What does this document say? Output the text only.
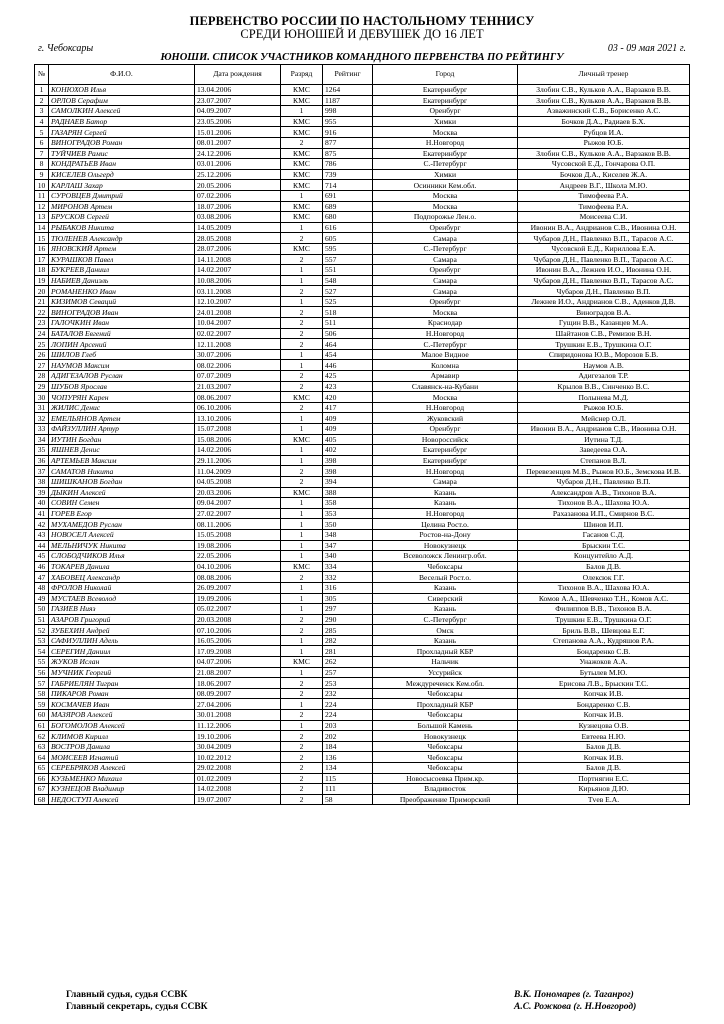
ПЕРВЕНСТВО РОССИИ ПО НАСТОЛЬНОМУ ТЕННИСУ
СРЕДИ ЮНОШЕЙ И ДЕВУШЕК ДО 16 ЛЕТ
г. Чебоксары	03 - 09 мая 2021 г.
ЮНОШИ. СПИСОК УЧАСТНИКОВ КОМАНДНОГО ПЕРВЕНСТВА ПО РЕЙТИНГУ
№	Ф.И.О.	Дата рождения	Разряд	Рейтинг	Город	Личный тренер
1	КОНЮХОВ Илья	13.04.2006	КМС	1264	Екатеринбург	Злобин С.В., Кульков А.А., Варзаков В.В.
2	ОРЛОВ Серафим	23.07.2007	КМС	1187	Екатеринбург	Злобин С.В., Кульков А.А., Варзаков В.В.
3	САМОЛКИН Алексей	04.09.2007	1	998	Оренбург	Азважинский С.В., Борисенко А.С.
4	РАДНАЕВ Батор	23.05.2006	КМС	955	Химки	Бочков Д.А., Радиаев Б.Х.
5	ГАЗАРЯН Сергей	15.01.2006	КМС	916	Москва	Рубцов И.А.
6	ВИНОГРАДОВ Роман	08.01.2007	2	877	Н.Новгород	Рыжов Ю.Б.
7	ТУЙЧИЕВ Рамис	24.12.2006	КМС	875	Екатеринбург	Злобин С.В., Кульков А.А., Варзаков В.В.
8	КОНДРАТЬЕВ Иван	03.01.2006	КМС	786	С.-Петербург	Чусовской Е.Д., Гончарова О.П.
9	КИСЕЛЕВ Ольгерд	25.12.2006	КМС	739	Химки	Бочков Д.А., Киселев Ж.А.
10	КАРЛАШ Захар	20.05.2006	КМС	714	Осинники Кем.обл.	Андреев В.Г., Школа М.Ю.
11	СУРОВЦЕВ Дмитрий	07.02.2006	1	691	Москва	Тимофеева Р.А.
12	МИРОНОВ Артем	18.07.2006	КМС	689	Москва	Тимофеева Р.А.
13	БРУСКОВ Сергей	03.08.2006	КМС	680	Подпорожье Лен.о.	Моисеева С.И.
14	РЫБАКОВ Никита	14.05.2009	1	616	Оренбург	Ивонин В.А., Андрианов С.В., Ивонина О.Н.
15	ТЮЛЕНЕВ Александр	28.05.2008	2	605	Самара	Чубаров Д.Н., Павленко В.П., Тарасов А.С.
16	ЯНОВСКИЙ Артем	28.07.2006	КМС	595	С.-Петербург	Чусовской Е.Д., Кириллова Е.А.
17	КУРАШКОВ Павел	14.11.2008	2	557	Самара	Чубаров Д.Н., Павленко В.П., Тарасов А.С.
18	БУКРЕЕВ Даниил	14.02.2007	1	551	Оренбург	Ивонин В.А., Лежнев И.О., Ивонина О.Н.
19	НАБИЕВ Даниэль	10.08.2006	1	548	Самара	Чубаров Д.Н., Павленко В.П., Тарасов А.С.
20	РОМАНЕНКО Иван	03.11.2008	2	527	Самара	Чубаров Д.Н., Павленко В.П.
21	КИЗИМОВ Севаций	12.10.2007	1	525	Оренбург	Лежнев И.О., Андрианов С.В., Аденков Д.В.
22	ВИНОГРАДОВ Иван	24.01.2008	2	518	Москва	Виноградов В.А.
23	ГАЛОЧКИН Иван	10.04.2007	2	511	Краснодар	Гущин В.В., Казанцев М.А.
24	БАТАЛОВ Евгений	02.02.2007	2	506	Н.Новгород	Шайтанов С.В., Ремизов В.Н.
25	ЛОПИН Арсений	12.11.2008	2	464	С.-Петербург	Трушкин Е.В., Трушкина О.Г.
26	ШИЛОВ Глеб	30.07.2006	1	454	Малое Видное	Спиридонова Ю.В., Морозов Б.В.
27	НАУМОВ Максим	08.02.2006	1	446	Коломна	Наумов А.В.
28	АДИГЕЗАЛОВ Руслан	07.07.2009	2	425	Армавир	Адигезалов Т.Р.
29	ШУБОВ Ярослав	21.03.2007	2	423	Славянск-на-Кубани	Крылов В.В., Синченко В.С.
30	ЧОПУРЯН Карен	08.06.2007	КМС	420	Москва	Полынева М.Д.
31	ЖИЛИС Денис	06.10.2006	2	417	Н.Новгород	Рыжов Ю.Б.
32	ЕМЕЛЬЯНОВ Артем	13.10.2006	1	409	Жуковский	Мейснер О.Л.
33	ФАЙЗУЛЛИН Артур	15.07.2008	1	409	Оренбург	Ивонин В.А., Андрианов С.В., Ивонина О.Н.
34	ИУТИН Богдан	15.08.2006	КМС	405	Новороссийск	Иутина Т.Д.
35	ЯШНЕВ Денис	14.02.2006	1	402	Екатеринбург	Заведеева О.А.
36	АРТЕМЬЕВ Максим	29.11.2006	1	398	Екатеринбург	Степанов В.Л.
37	САМАТОВ Никита	11.04.2009	2	398	Н.Новгород	Перевезенцев М.В., Рыжов Ю.Б., Земскова И.В.
38	ШИШКАНОВ Богдан	04.05.2008	2	394	Самара	Чубаров Д.Н., Павленко В.П.
39	ДЫКИН Алексей	20.03.2006	КМС	388	Казань	Александров А.В., Тихонов В.А.
40	СОВИН Семен	09.04.2007	1	358	Казань	Тихонов В.А., Шахова Ю.А.
41	ГОРЕВ Егор	27.02.2007	1	353	Н.Новгород	Рахазанова И.П., Смирнов В.С.
42	МУХАМЕДОВ Руслан	08.11.2006	1	350	Целина Рост.о.	Шинов И.П.
43	НОВОСЕЛ Алексей	15.05.2008	1	348	Ростов-на-Дону	Гасанов С.Д.
44	МЕЛЬНИЧУК Никита	19.08.2006	1	347	Новокузнецк	Брыскин Т.С.
45	СЛОБОДЧИКОВ Илья	22.05.2006	1	340	Всеволожск Ленингр.обл.	Концунтейло А.Д.
46	ТОКАРЕВ Данила	04.10.2006	КМС	334	Чебоксары	Балов Д.В.
47	ХАБОВЕЦ Александр	08.08.2006	2	332	Веселый Рост.о.	Олексюк Г.Г.
48	ФРОЛОВ Николай	26.09.2007	1	316	Казань	Тихонов В.А., Шахова Ю.А.
49	МУСТАЕВ Всеволод	19.09.2006	1	305	Сиверский	Комов А.А., Шевченко Т.Н., Комов А.С.
50	ГАЗИЕВ Нияз	05.02.2007	1	297	Казань	Филиппов В.В., Тихонов В.А.
51	АЗАРОВ Григорий	20.03.2008	2	290	С.-Петербург	Трушкин Е.В., Трушкина О.Г.
52	ЗУБЕХИН Андрей	07.10.2006	2	285	Омск	Бриль В.В., Шевцова Е.Г.
53	САФИУЛЛИН Адель	16.05.2006	1	282	Казань	Степанова А.А., Кудряшов Р.А.
54	СЕРЕГИН Даниил	17.09.2008	1	281	Прохладный КБР	Бондаренко С.В.
55	ЖУКОВ Ислан	04.07.2006	КМС	262	Нальчик	Унажоков А.А.
56	МУЧНИК Георгий	21.08.2007	1	257	Уссурийск	Бутылев М.Ю.
57	ГАБРИЕЛЯН Тигран	18.06.2007	2	253	Междуреченск Кем.обл.	Ерисова Л.В., Брыскин Т.С.
58	ПИКАРОВ Роман	08.09.2007	2	232	Чебоксары	Копчак И.В.
59	КОСМАЧЕВ Иван	27.04.2006	1	224	Прохладный КБР	Бондаренко С.В.
60	МАЗЯРОВ Алексей	30.01.2008	2	224	Чебоксары	Копчак И.В.
61	БОГОМОЛОВ Алексей	11.12.2006	1	203	Большой Камень	Кузнецова О.В.
62	КЛИМОВ Кирилл	19.10.2006	2	202	Новокузнецк	Евтеева Н.Ю.
63	ВОСТРОВ Данила	30.04.2009	2	184	Чебоксары	Балов Д.В.
64	МОИСЕЕВ Игнатий	10.02.2012	2	136	Чебоксары	Копчак И.В.
65	СЕРЕБРЯКОВ Алексей	29.02.2008	2	134	Чебоксары	Балов Д.В.
66	КУЗЬМЕНКО Михаил	01.02.2009	2	115	Новосысоевка Прим.кр.	Портнягин Е.С.
67	КУЗНЕЦОВ Владимир	14.02.2008	2	111	Владивосток	Кирьянов Д.Ю.
68	НЕДОСТУП Алексей	19.07.2007	2	58	Преображение Приморский	Тvев Е.А.
Главный судья, судья ССВК
Главный секретарь, судья ССВК
В.К. Пономарев (г. Таганрог)
А.С. Рожкова (г. Н.Новгород)
